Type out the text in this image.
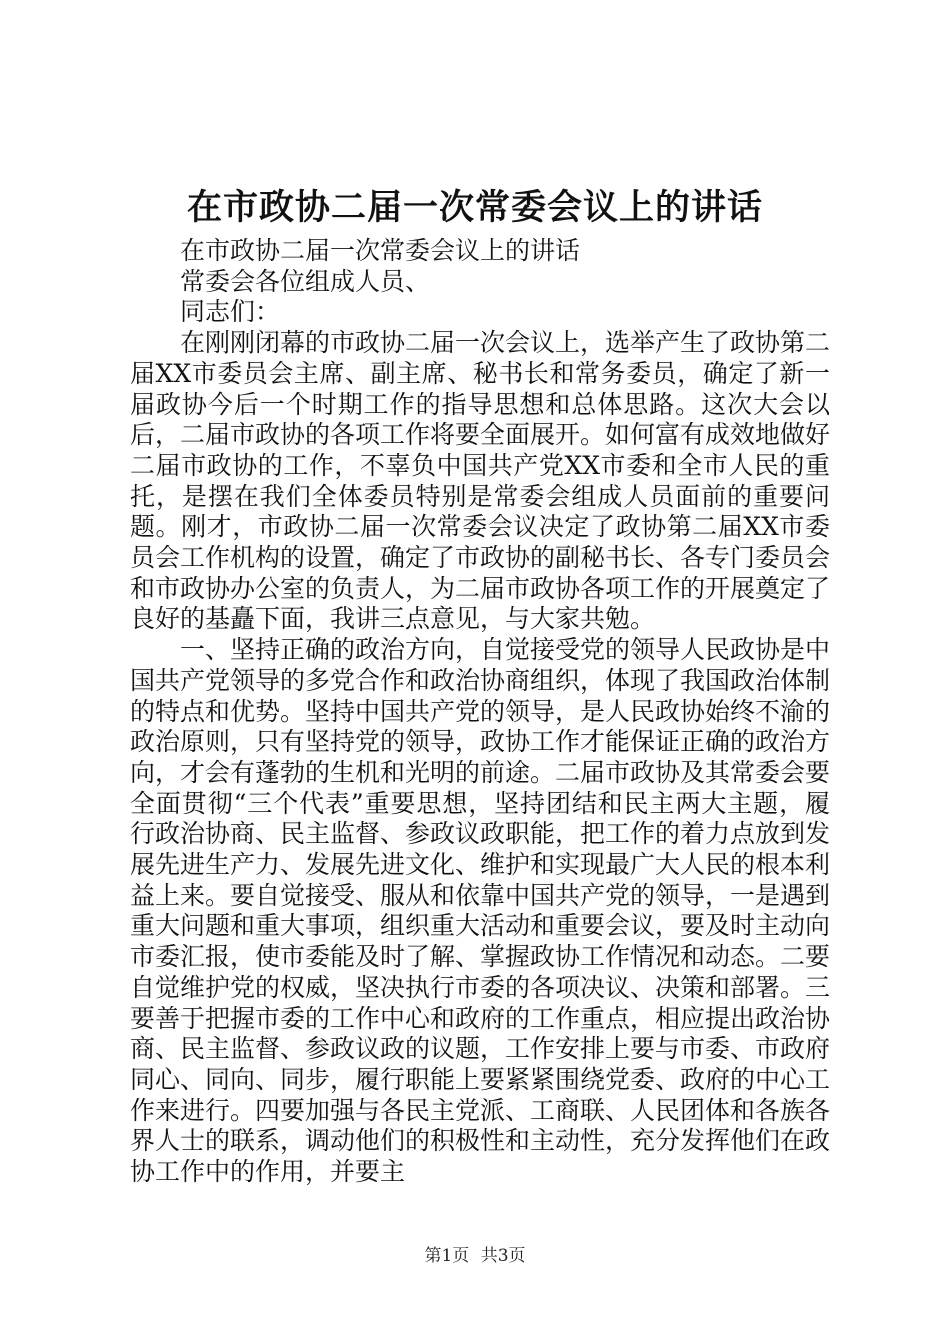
在市政协二届一次常委会议上的讲话

在市政协二届一次常委会议上的讲话

常委会各位组成人员、

同志们：

在刚刚闭幕的市政协二届一次会议上，选举产生了政协第二届XX市委员会主席、副主席、秘书长和常务委员，确定了新一届政协今后一个时期工作的指导思想和总体思路。这次大会以后，二届市政协的各项工作将要全面展开。如何富有成效地做好二届市政协的工作，不辜负中国共产党XX市委和全市人民的重托，是摆在我们全体委员特别是常委会组成人员面前的重要问题。刚才，市政协二届一次常委会议决定了政协第二届XX市委员会工作机构的设置，确定了市政协的副秘书长、各专门委员会和市政协办公室的负责人，为二届市政协各项工作的开展奠定了良好的基矗下面，我讲三点意见，与大家共勉。

一、坚持正确的政治方向，自觉接受党的领导人民政协是中国共产党领导的多党合作和政治协商组织，体现了我国政治体制的特点和优势。坚持中国共产党的领导，是人民政协始终不渝的政治原则，只有坚持党的领导，政协工作才能保证正确的政治方向，才会有蓬勃的生机和光明的前途。二届市政协及其常委会要全面贯彻“三个代表”重要思想，坚持团结和民主两大主题，履行政治协商、民主监督、参政议政职能，把工作的着力点放到发展先进生产力、发展先进文化、维护和实现最广大人民的根本利益上来。要自觉接受、服从和依靠中国共产党的领导，一是遇到重大问题和重大事项，组织重大活动和重要会议，要及时主动向市委汇报，使市委能及时了解、掌握政协工作情况和动态。二要自觉维护党的权威，坚决执行市委的各项决议、决策和部署。三要善于把握市委的工作中心和政府的工作重点，相应提出政治协商、民主监督、参政议政的议题，工作安排上要与市委、市政府同心、同向、同步，履行职能上要紧紧围绕党委、政府的中心工作来进行。四要加强与各民主党派、工商联、人民团体和各族各界人士的联系，调动他们的积极性和主动性，充分发挥他们在政协工作中的作用，并要主

第1页 共3页
